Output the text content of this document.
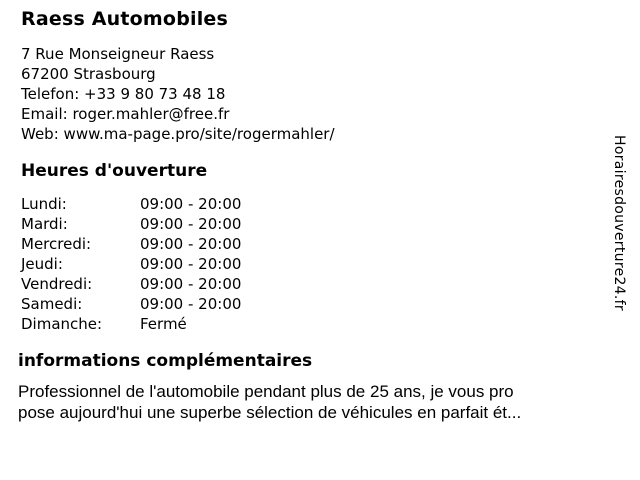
Raess Automobiles
7 Rue Monseigneur Raess
67200 Strasbourg
Telefon: +33 9 80 73 48 18
Email: roger.mahler@free.fr
Web: www.ma-page.pro/site/rogermahler/
Heures d'ouverture
Lundi:	09:00 - 20:00
Mardi:	09:00 - 20:00
Mercredi:	09:00 - 20:00
Jeudi:	09:00 - 20:00
Vendredi:	09:00 - 20:00
Samedi:	09:00 - 20:00
Dimanche:	Fermé
informations complémentaires
Professionnel de l'automobile pendant plus de 25 ans, je vous pro
pose aujourd'hui une superbe sélection de véhicules en parfait ét...
Horairesdouverture24.fr
